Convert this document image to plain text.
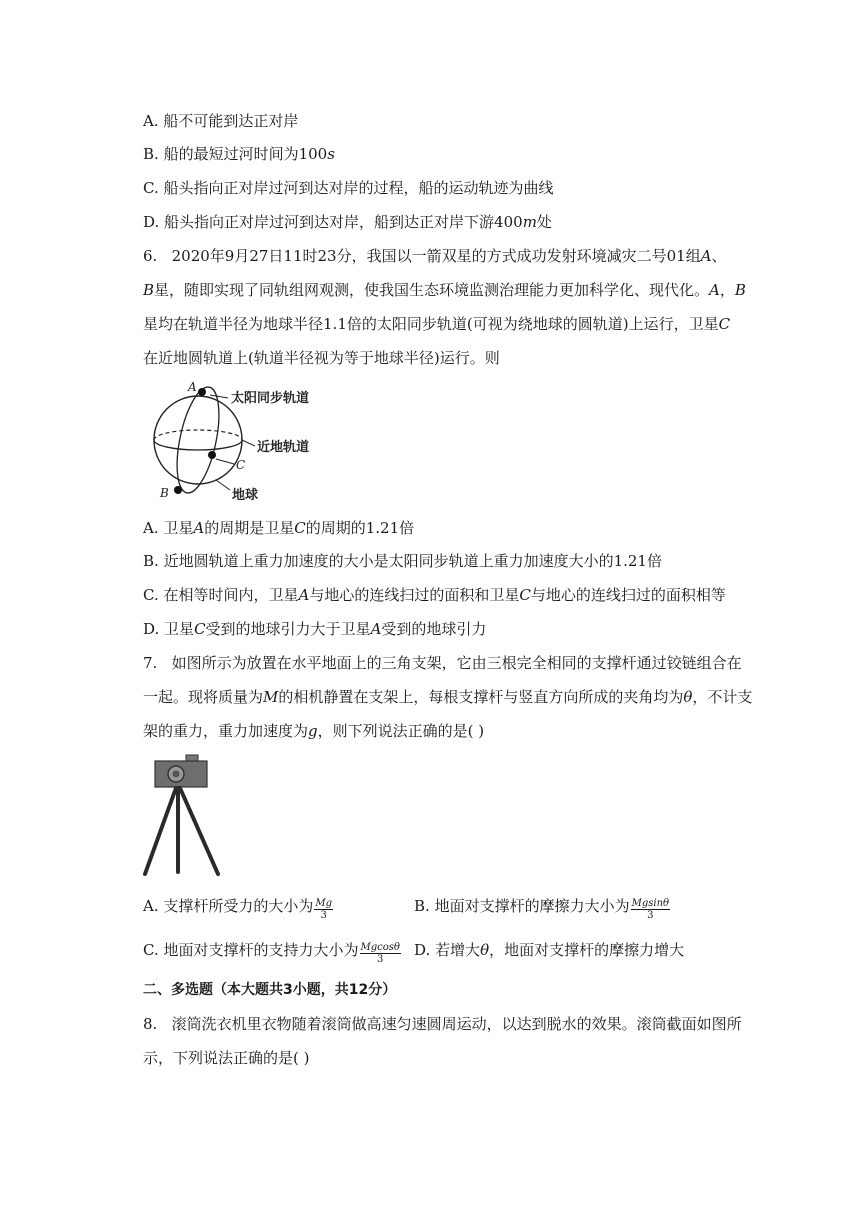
A. 船不可能到达正对岸
B. 船的最短过河时间为100s
C. 船头指向正对岸过河到达对岸的过程，船的运动轨迹为曲线
D. 船头指向正对岸过河到达对岸，船到达正对岸下游400m处
6. 2020年9月27日11时23分，我国以一箭双星的方式成功发射环境减灾二号01组A、
B星，随即实现了同轨组网观测，使我国生态环境监测治理能力更加科学化、现代化。A，B
星均在轨道半径为地球半径1.1倍的太阳同步轨道(可视为绕地球的圆轨道)上运行，卫星C
在近地圆轨道上(轨道半径视为等于地球半径)运行。则
A
B
C
太阳同步轨道
近地轨道
地球
A. 卫星A的周期是卫星C的周期的1.21倍
B. 近地圆轨道上重力加速度的大小是太阳同步轨道上重力加速度大小的1.21倍
C. 在相等时间内，卫星A与地心的连线扫过的面积和卫星C与地心的连线扫过的面积相等
D. 卫星C受到的地球引力大于卫星A受到的地球引力
7. 如图所示为放置在水平地面上的三角支架，它由三根完全相同的支撑杆通过铰链组合在
一起。现将质量为M的相机静置在支架上，每根支撑杆与竖直方向所成的夹角均为θ，不计支
架的重力，重力加速度为g，则下列说法正确的是( )
A. 支撑杆所受力的大小为 $\frac{Mg}{3}$	B. 地面对支撑杆的摩擦力大小为 $\frac{Mgsin\theta}{3}$
C. 地面对支撑杆的支持力大小为 $\frac{Mgcos\theta}{3} D$. 若增大θ，地面对支撑杆的摩擦力增大
二、多选题（本大题共3小题，共12分）
8. 滚筒洗衣机里衣物随着滚筒做高速匀速圆周运动，以达到脱水的效果。滚筒截面如图所
示，下列说法正确的是( )
